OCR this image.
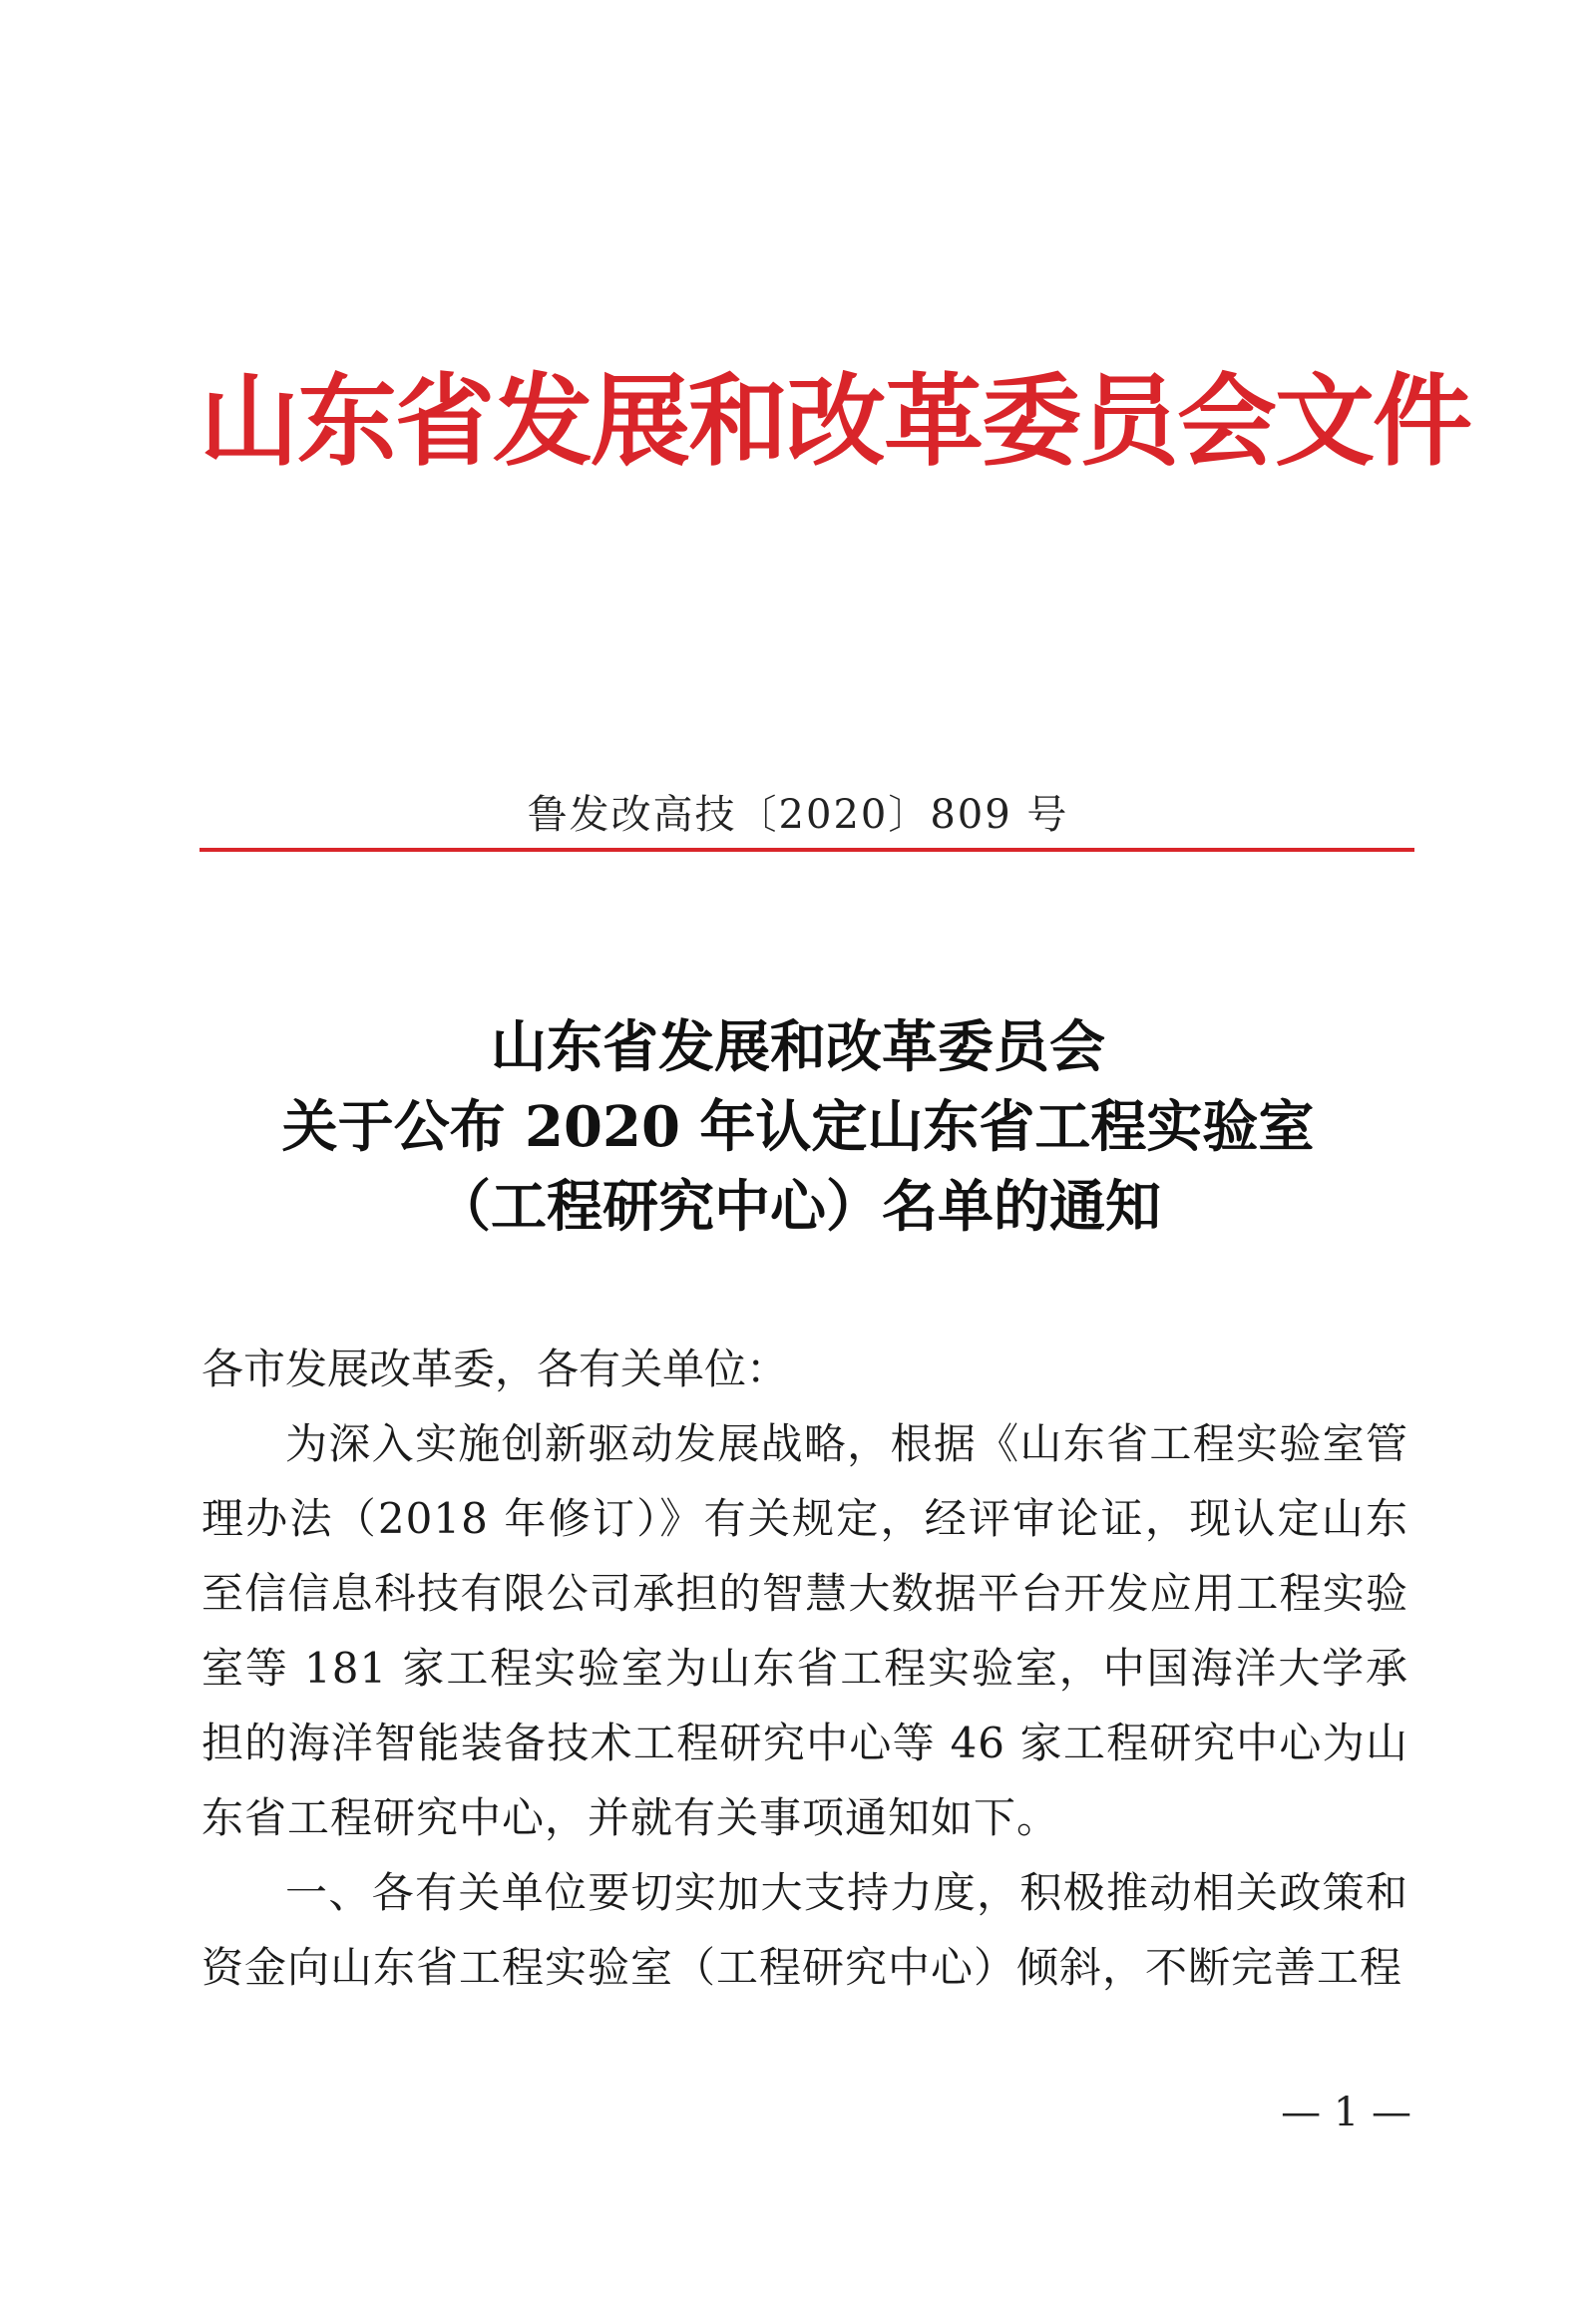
山东省发展和改革委员会文件
鲁发改高技〔2020〕809 号
山东省发展和改革委员会
关于公布 2020 年认定山东省工程实验室
（工程研究中心）名单的通知
各市发展改革委，各有关单位：
为深入实施创新驱动发展战略，根据《山东省工程实验室管理办法（2018 年修订）》有关规定，经评审论证，现认定山东至信信息科技有限公司承担的智慧大数据平台开发应用工程实验室等 181 家工程实验室为山东省工程实验室，中国海洋大学承担的海洋智能装备技术工程研究中心等 46 家工程研究中心为山东省工程研究中心，并就有关事项通知如下。
一、各有关单位要切实加大支持力度，积极推动相关政策和资金向山东省工程实验室（工程研究中心）倾斜，不断完善工程
— 1 —
